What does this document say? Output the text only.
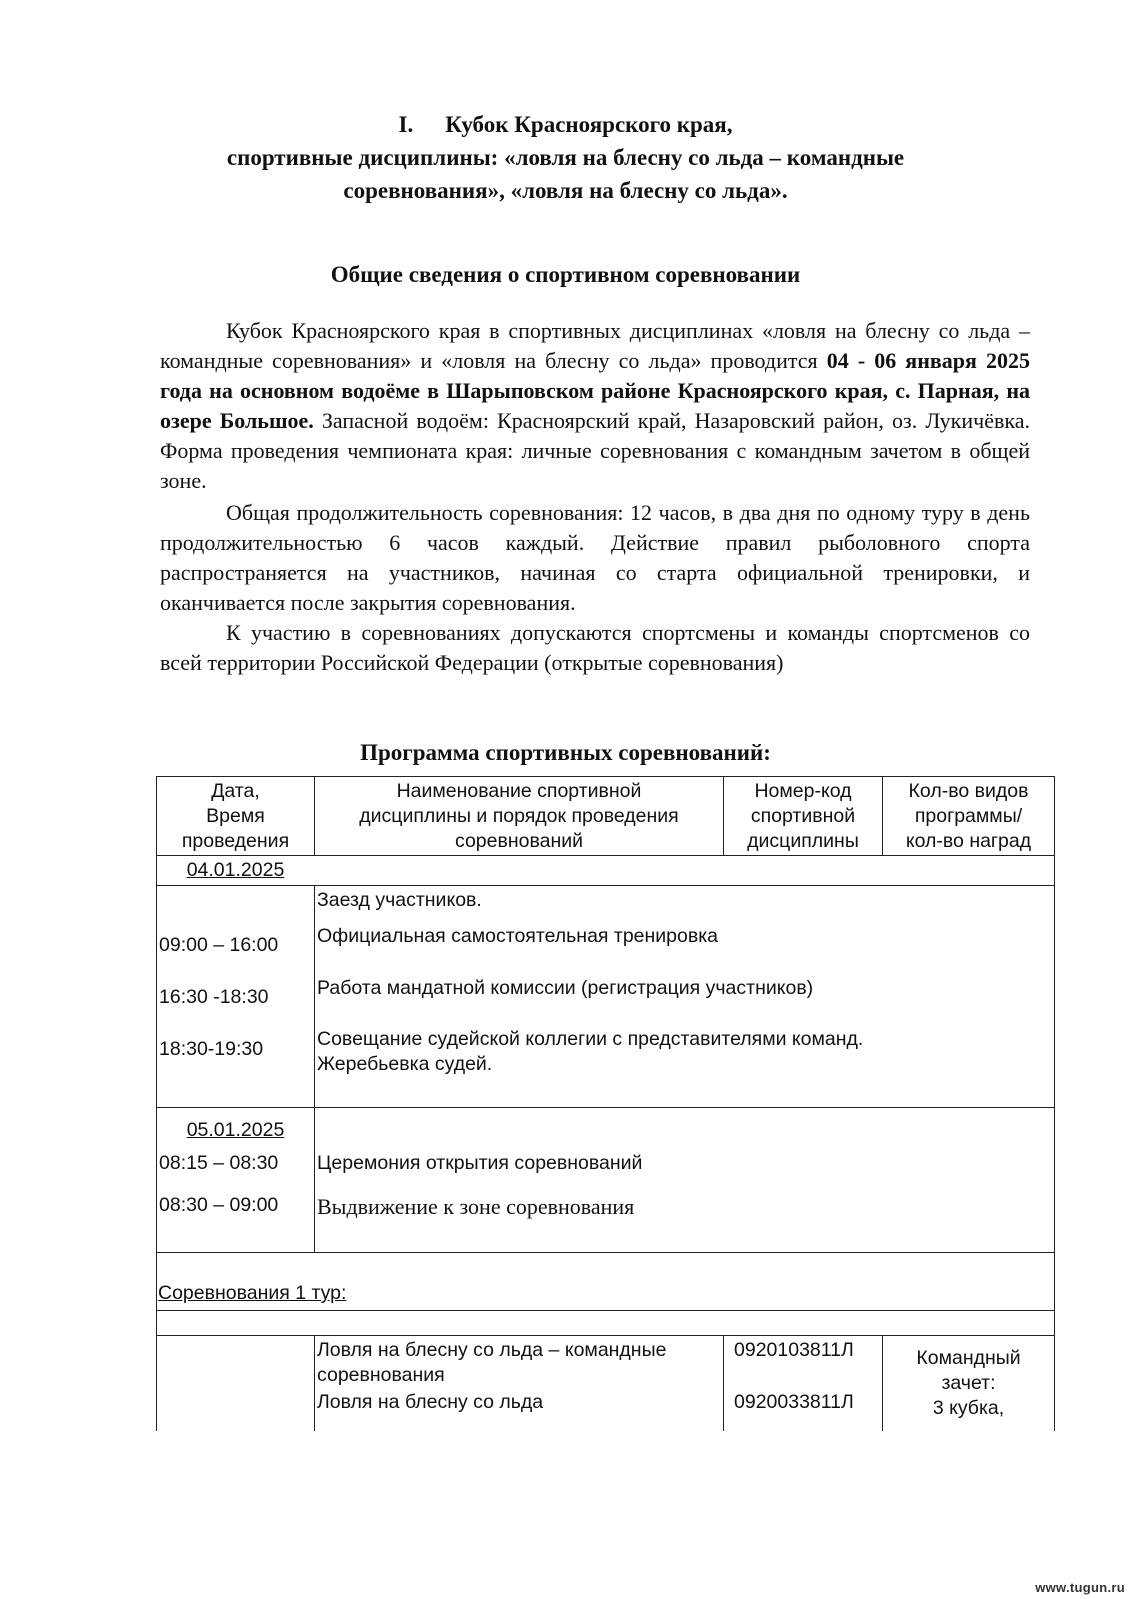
I. Кубок Красноярского края,
спортивные дисциплины: «ловля на блесну со льда – командные
соревнования», «ловля на блесну со льда».
Общие сведения о спортивном соревновании
Кубок Красноярского края в спортивных дисциплинах «ловля на блесну со льда – командные соревнования» и «ловля на блесну со льда» проводится 04 - 06 января 2025 года на основном водоёме в Шарыповском районе Красноярского края, с. Парная, на озере Большое. Запасной водоём: Красноярский край, Назаровский район, оз. Лукичёвка. Форма проведения чемпионата края: личные соревнования с командным зачетом в общей зоне.
Общая продолжительность соревнования: 12 часов, в два дня по одному туру в день продолжительностью 6 часов каждый. Действие правил рыболовного спорта распространяется на участников, начиная со старта официальной тренировки, и оканчивается после закрытия соревнования.
К участию в соревнованиях допускаются спортсмены и команды спортсменов со всей территории Российской Федерации (открытые соревнования)
Программа спортивных соревнований:
Дата,
Время
проведения
Наименование спортивной
дисциплины и порядок проведения
соревнований
Номер-код
спортивной
дисциплины
Кол-во видов
программы/
кол-во наград
04.01.2025
Заезд участников.
09:00 – 16:00 Официальная самостоятельная тренировка
16:30 -18:30 Работа мандатной комиссии (регистрация участников)
18:30-19:30	Совещание судейской коллегии с представителями команд.
Жеребьевка судей.
05.01.2025
08:15 – 08:30 Церемония открытия соревнований
08:30 – 09:00 Выдвижение к зоне соревнования
Соревнования 1 тур:
Ловля на блесну со льда – командные
соревнования
0920103811Л
Ловля на блесну со льда	0920033811Л
Командный
зачет:
3 кубка,
www.tugun.ru
